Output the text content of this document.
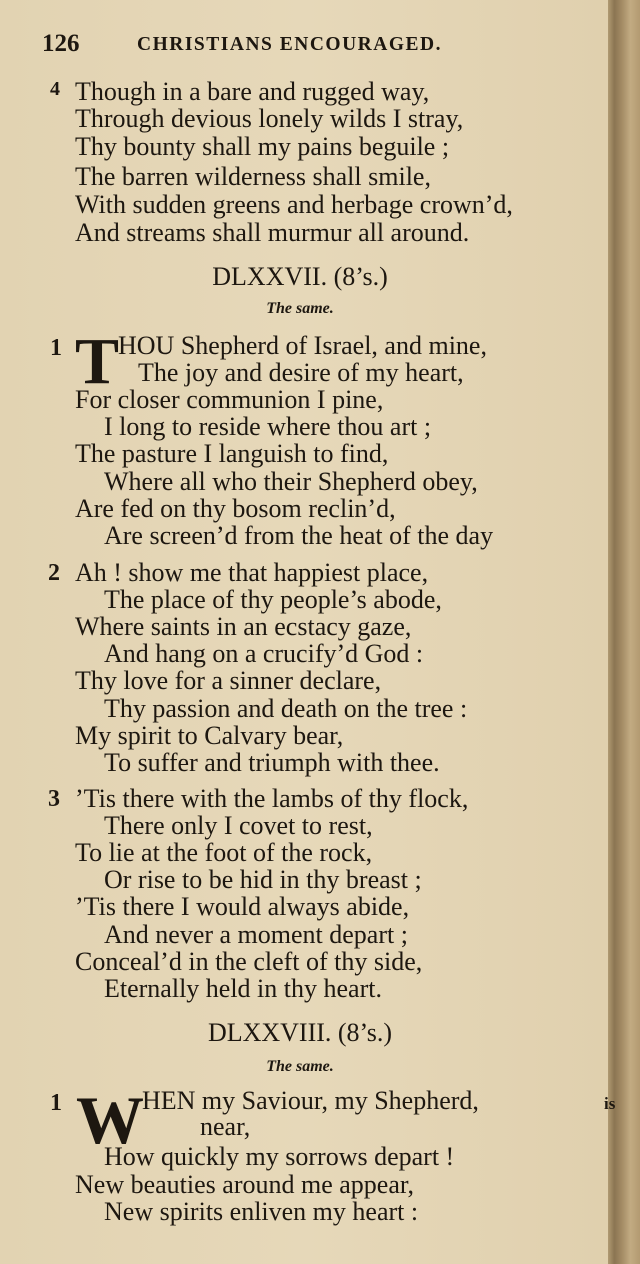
126	CHRISTIANS ENCOURAGED.
4 Though in a bare and rugged way,
Through devious lonely wilds I stray,
Thy bounty shall my pains beguile ;
The barren wilderness shall smile,
With sudden greens and herbage crown’d,
And streams shall murmur all around.
DLXXVII. (8’s.)
The same.
1 T
HOU Shepherd of Israel, and mine,
The joy and desire of my heart,
For closer communion I pine,
I long to reside where thou art ;
The pasture I languish to find,
Where all who their Shepherd obey,
Are fed on thy bosom reclin’d,
Are screen’d from the heat of the day
2 Ah ! show me that happiest place,
The place of thy people’s abode,
Where saints in an ecstacy gaze,
And hang on a crucify’d God :
Thy love for a sinner declare,
Thy passion and death on the tree :
My spirit to Calvary bear,
To suffer and triumph with thee.
3 ’Tis there with the lambs of thy flock,
There only I covet to rest,
To lie at the foot of the rock,
Or rise to be hid in thy breast ;
’Tis there I would always abide,
And never a moment depart ;
Conceal’d in the cleft of thy side,
Eternally held in thy heart.
DLXXVIII. (8’s.)
The same.
1 W
HEN my Saviour, my Shepherd,	is
near,
How quickly my sorrows depart !
New beauties around me appear,
New spirits enliven my heart :
